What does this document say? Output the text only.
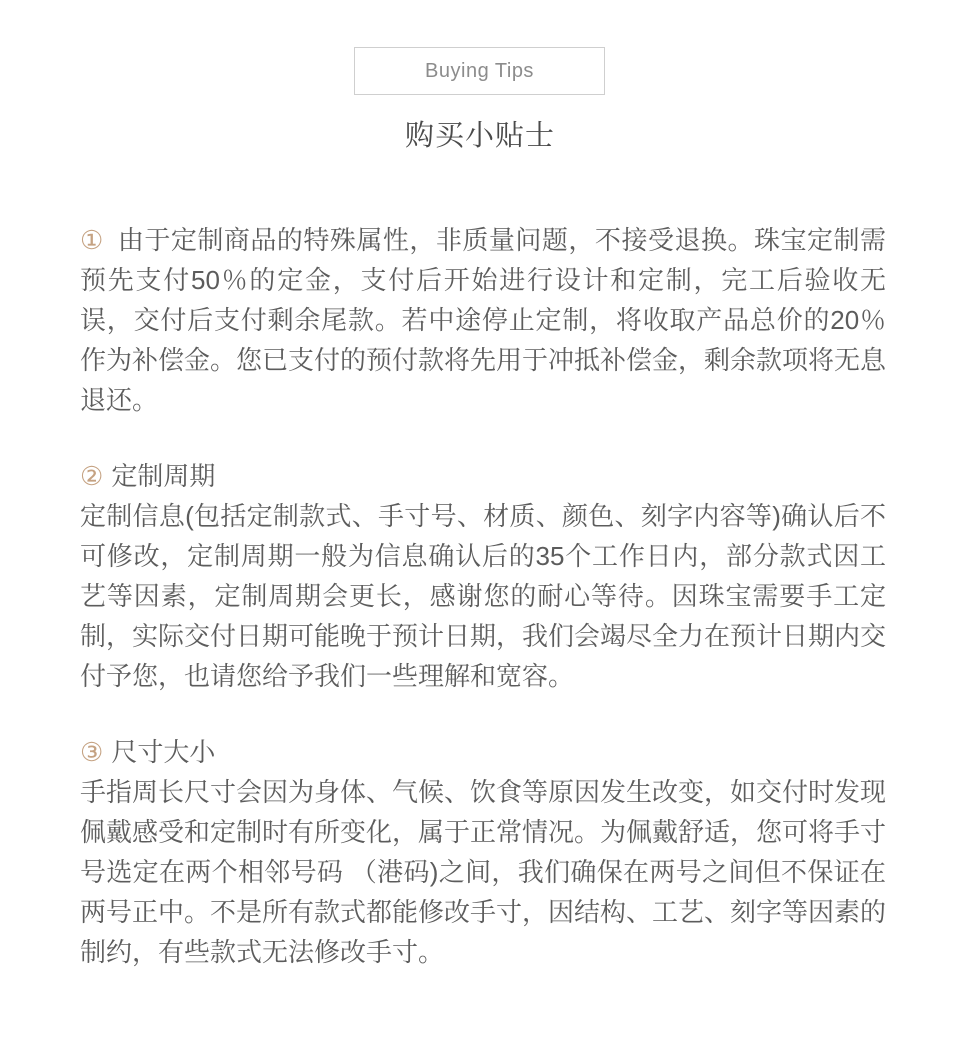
Buying Tips
购买小贴士

① 由于定制商品的特殊属性，非质量问题，不接受退换。珠宝定制需预先支付50％的定金，支付后开始进行设计和定制，完工后验收无误，交付后支付剩余尾款。若中途停止定制，将收取产品总价的20％作为补偿金。您已支付的预付款将先用于冲抵补偿金，剩余款项将无息退还。

② 定制周期

定制信息(包括定制款式、手寸号、材质、颜色、刻字内容等)确认后不可修改，定制周期一般为信息确认后的35个工作日内，部分款式因工艺等因素，定制周期会更长，感谢您的耐心等待。因珠宝需要手工定制，实际交付日期可能晚于预计日期，我们会竭尽全力在预计日期内交付予您，也请您给予我们一些理解和宽容。

③ 尺寸大小

手指周长尺寸会因为身体、气候、饮食等原因发生改变，如交付时发现佩戴感受和定制时有所变化，属于正常情况。为佩戴舒适，您可将手寸号选定在两个相邻号码 （港码)之间，我们确保在两号之间但不保证在两号正中。不是所有款式都能修改手寸，因结构、工艺、刻字等因素的制约，有些款式无法修改手寸。
